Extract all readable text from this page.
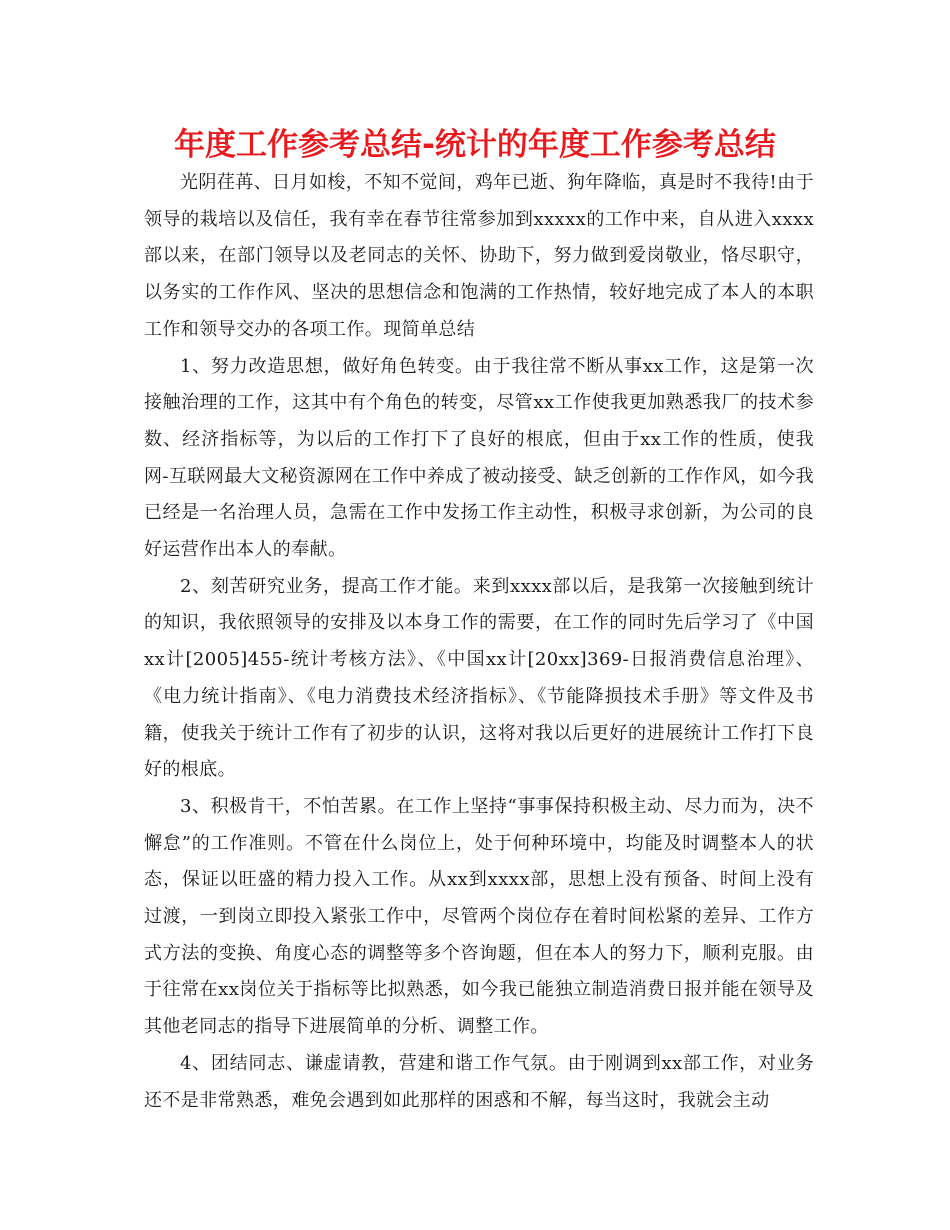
年度工作参考总结-统计的年度工作参考总结

光阴荏苒、日月如梭，不知不觉间，鸡年已逝、狗年降临，真是时不我待!由于领导的栽培以及信任，我有幸在春节往常参加到xxxxx的工作中来，自从进入xxxx部以来，在部门领导以及老同志的关怀、协助下，努力做到爱岗敬业，恪尽职守，以务实的工作作风、坚决的思想信念和饱满的工作热情，较好地完成了本人的本职工作和领导交办的各项工作。现简单总结

1、努力改造思想，做好角色转变。由于我往常不断从事xx工作，这是第一次接触治理的工作，这其中有个角色的转变，尽管xx工作使我更加熟悉我厂的技术参数、经济指标等，为以后的工作打下了良好的根底，但由于xx工作的性质，使我网-互联网最大文秘资源网在工作中养成了被动接受、缺乏创新的工作作风，如今我已经是一名治理人员，急需在工作中发扬工作主动性，积极寻求创新，为公司的良好运营作出本人的奉献。

2、刻苦研究业务，提高工作才能。来到xxxx部以后，是我第一次接触到统计的知识，我依照领导的安排及以本身工作的需要，在工作的同时先后学习了《中国xx计[2005]455-统计考核方法》、《中国xx计[20xx]369-日报消费信息治理》、《电力统计指南》、《电力消费技术经济指标》、《节能降损技术手册》等文件及书籍，使我关于统计工作有了初步的认识，这将对我以后更好的进展统计工作打下良好的根底。

3、积极肯干，不怕苦累。在工作上坚持“事事保持积极主动、尽力而为，决不懈怠”的工作准则。不管在什么岗位上，处于何种环境中，均能及时调整本人的状态，保证以旺盛的精力投入工作。从xx到xxxx部，思想上没有预备、时间上没有过渡，一到岗立即投入紧张工作中，尽管两个岗位存在着时间松紧的差异、工作方式方法的变换、角度心态的调整等多个咨询题，但在本人的努力下，顺利克服。由于往常在xx岗位关于指标等比拟熟悉，如今我已能独立制造消费日报并能在领导及其他老同志的指导下进展简单的分析、调整工作。

4、团结同志、谦虚请教，营建和谐工作气氛。由于刚调到xx部工作，对业务还不是非常熟悉，难免会遇到如此那样的困惑和不解，每当这时，我就会主动
